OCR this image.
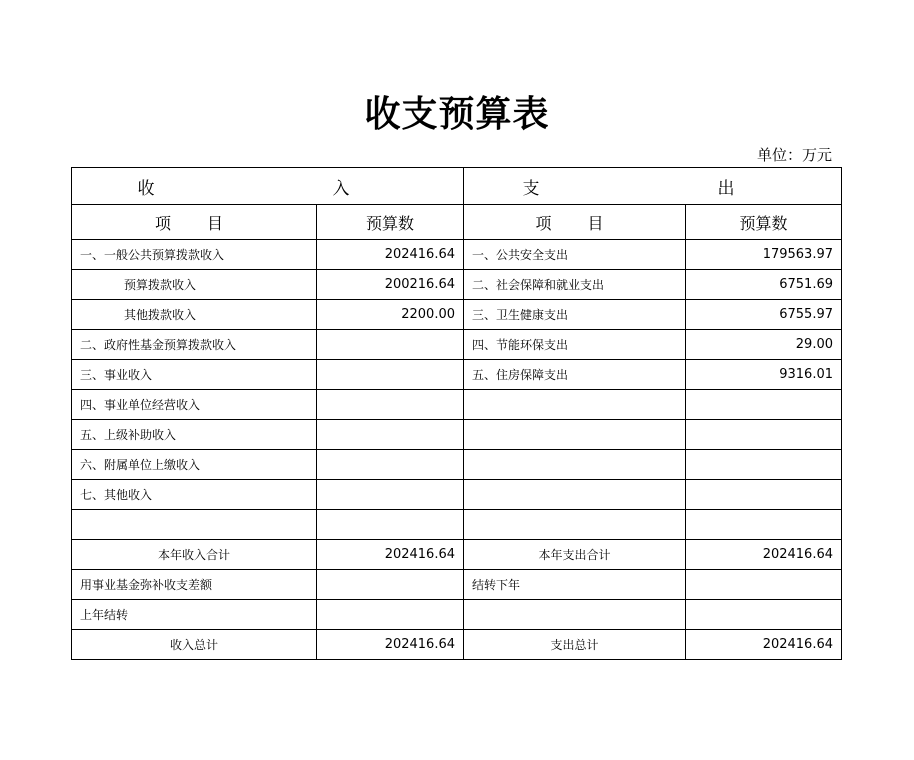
收支预算表
单位：万元
收　　入		支　　出	
项　目	预算数	项　目	预算数
一、一般公共预算拨款收入	202416.64	一、公共安全支出	179563.97
预算拨款收入	200216.64	二、社会保障和就业支出	6751.69
其他拨款收入	2200.00	三、卫生健康支出	6755.97
二、政府性基金预算拨款收入		四、节能环保支出	29.00
三、事业收入		五、住房保障支出	9316.01
四、事业单位经营收入			
五、上级补助收入			
六、附属单位上缴收入			
七、其他收入			

本年收入合计	202416.64	本年支出合计	202416.64
用事业基金弥补收支差额		结转下年	
上年结转			
收入总计	202416.64	支出总计	202416.64
